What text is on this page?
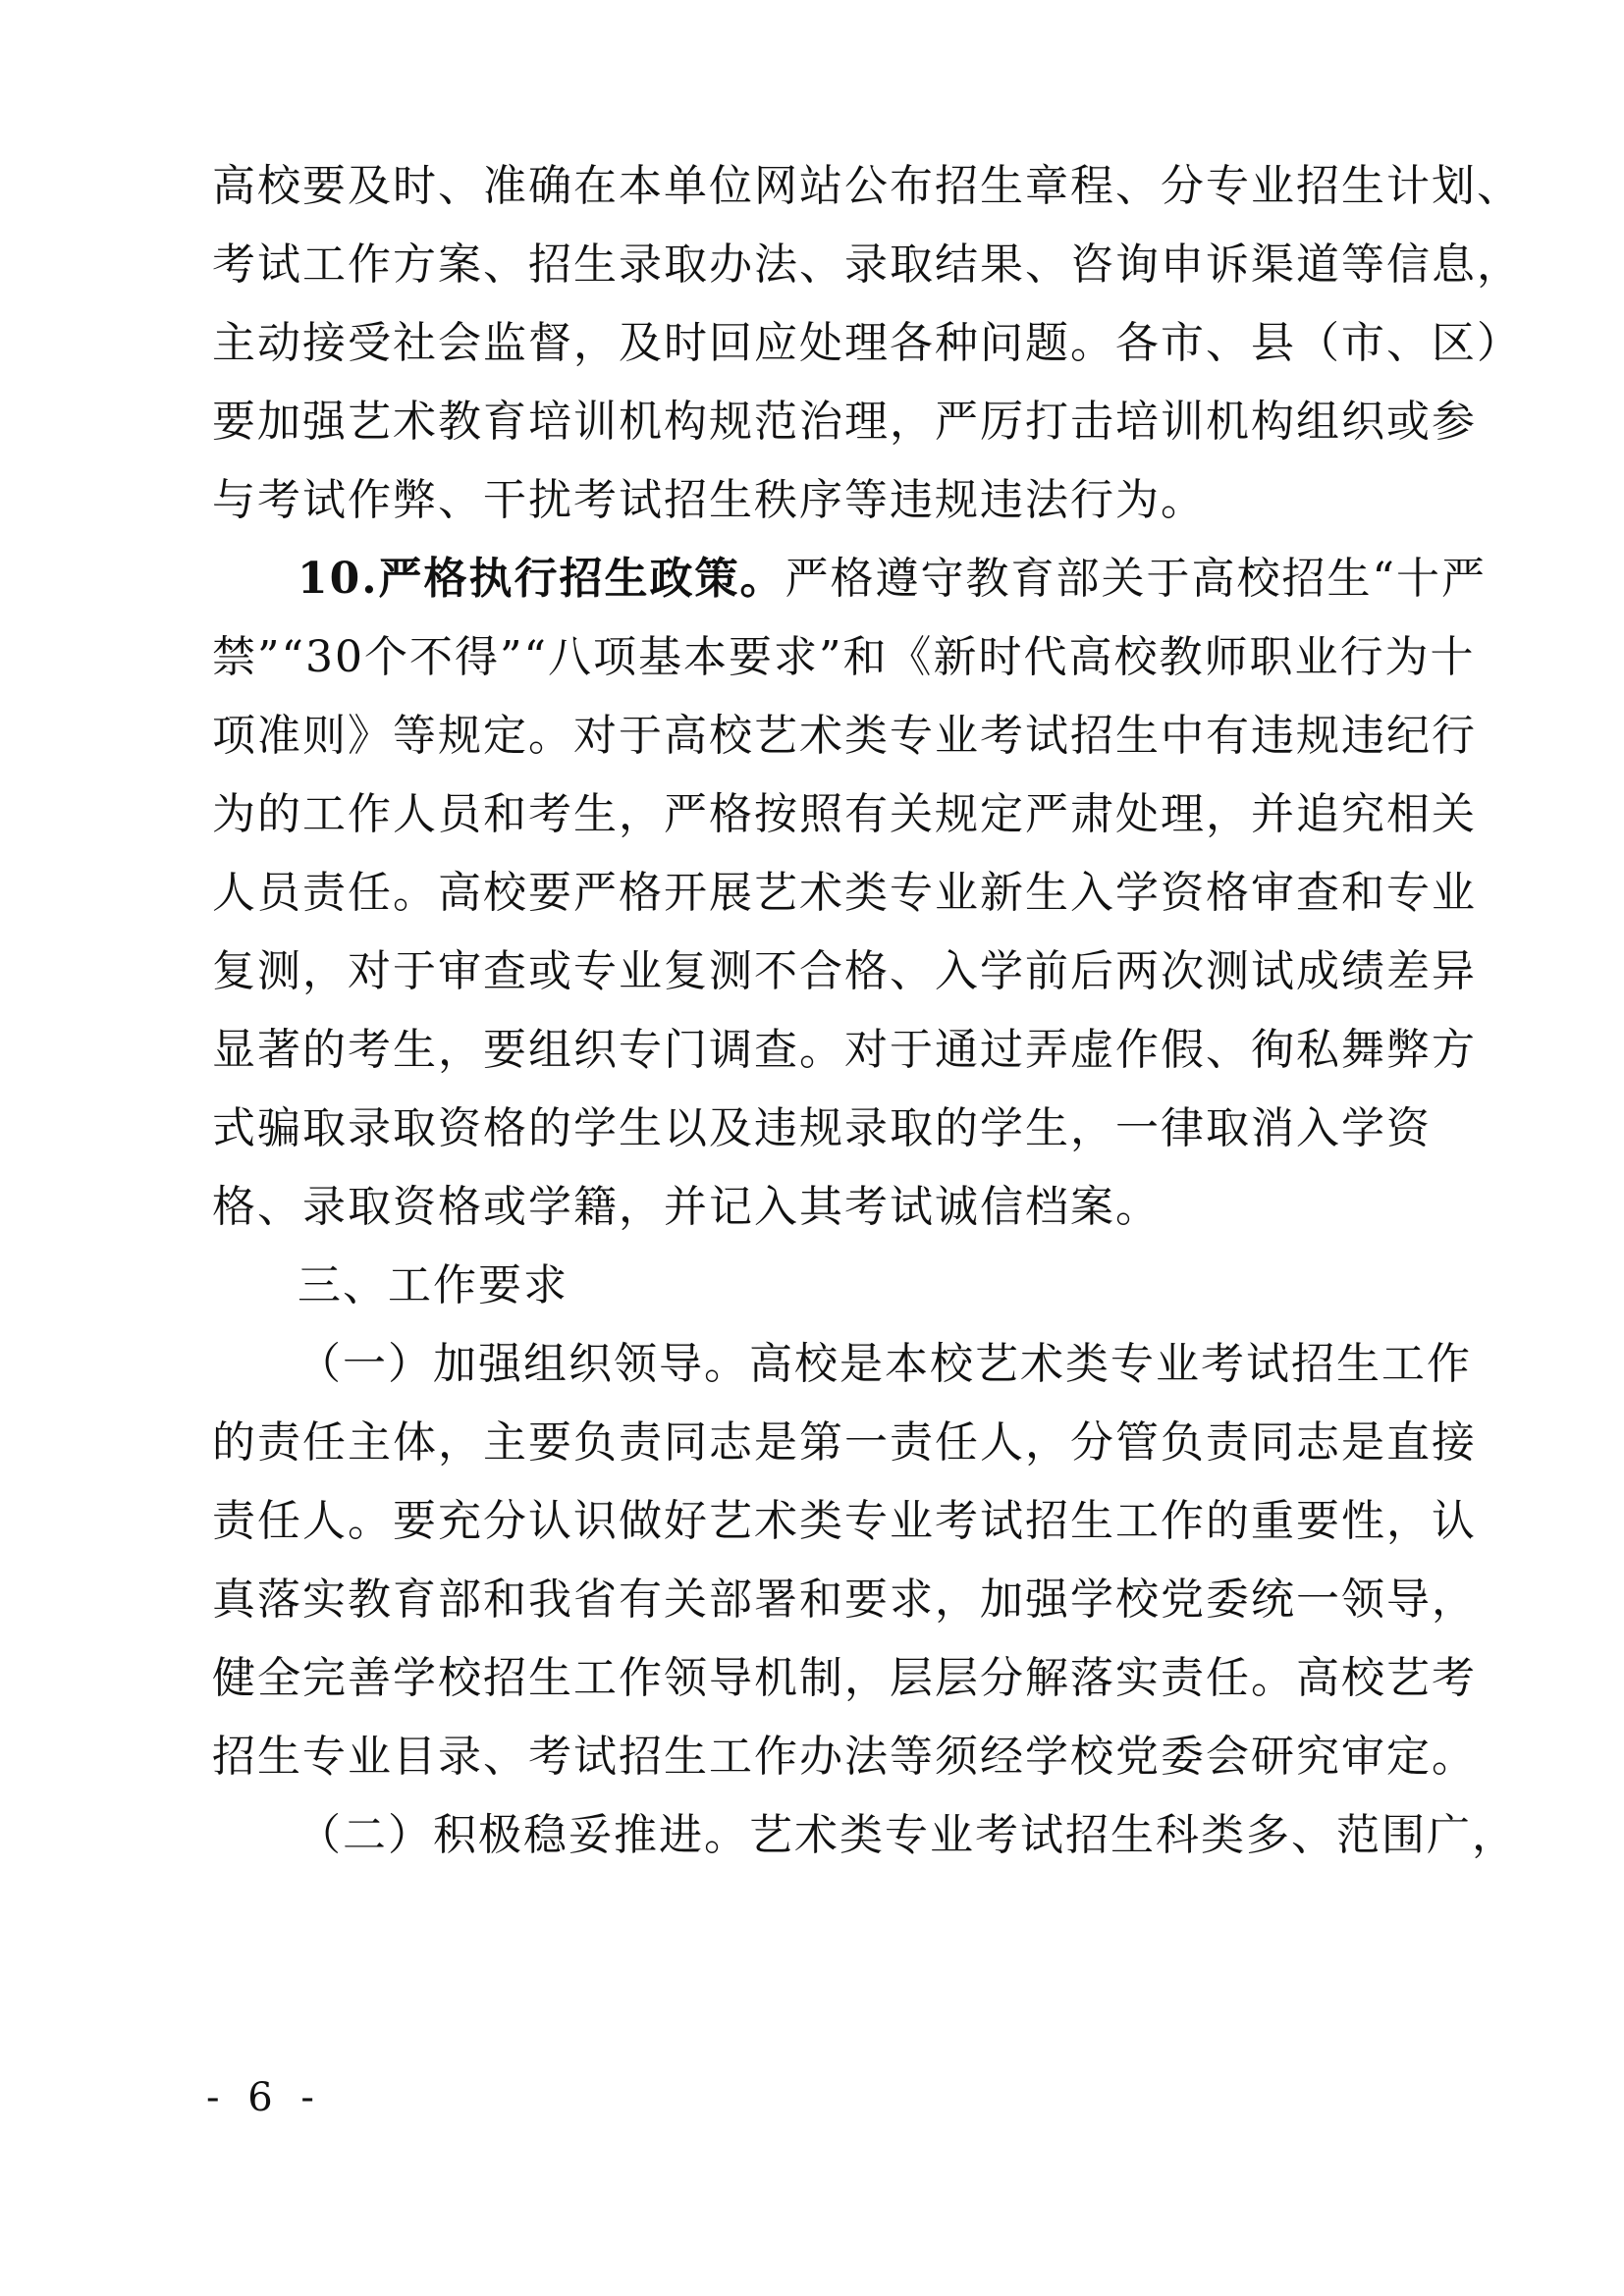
高校要及时、准确在本单位网站公布招生章程、分专业招生计划、
考试工作方案、招生录取办法、录取结果、咨询申诉渠道等信息，
主动接受社会监督，及时回应处理各种问题。各市、县（市、区）
要加强艺术教育培训机构规范治理，严厉打击培训机构组织或参
与考试作弊、干扰考试招生秩序等违规违法行为。
10.严格执行招生政策。严格遵守教育部关于高校招生“十严
禁”“30个不得”“八项基本要求”和《新时代高校教师职业行为十
项准则》等规定。对于高校艺术类专业考试招生中有违规违纪行
为的工作人员和考生，严格按照有关规定严肃处理，并追究相关
人员责任。高校要严格开展艺术类专业新生入学资格审查和专业
复测，对于审查或专业复测不合格、入学前后两次测试成绩差异
显著的考生，要组织专门调查。对于通过弄虚作假、徇私舞弊方
式骗取录取资格的学生以及违规录取的学生，一律取消入学资
格、录取资格或学籍，并记入其考试诚信档案。
三、工作要求
（一）加强组织领导。高校是本校艺术类专业考试招生工作
的责任主体，主要负责同志是第一责任人，分管负责同志是直接
责任人。要充分认识做好艺术类专业考试招生工作的重要性，认
真落实教育部和我省有关部署和要求，加强学校党委统一领导，
健全完善学校招生工作领导机制，层层分解落实责任。高校艺考
招生专业目录、考试招生工作办法等须经学校党委会研究审定。
（二）积极稳妥推进。艺术类专业考试招生科类多、范围广，
- 6 -
